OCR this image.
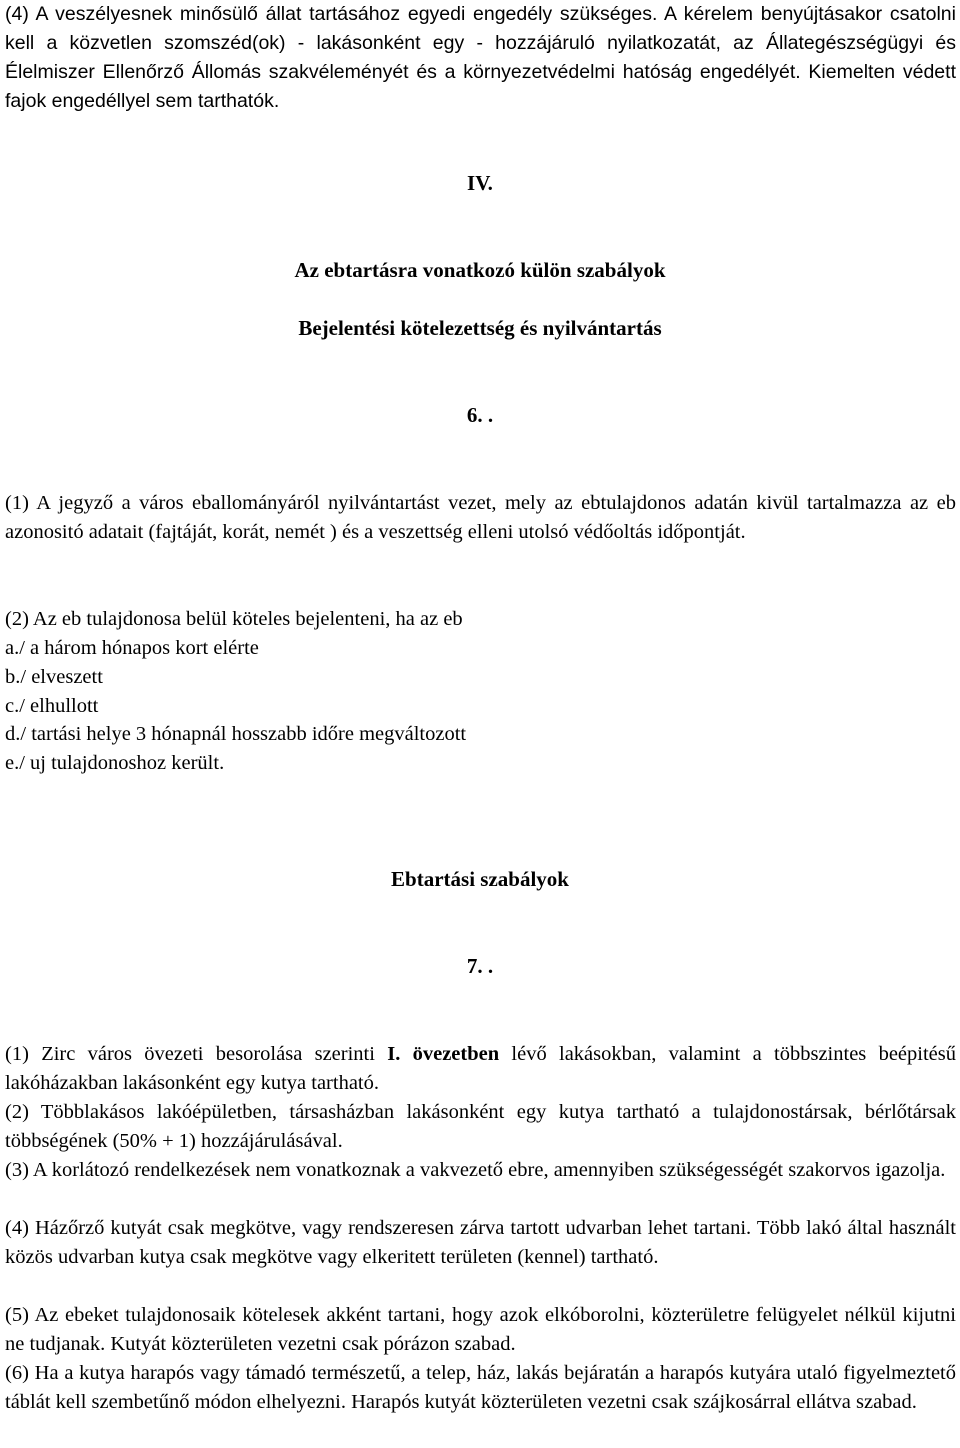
(4) A veszélyesnek minősülő állat tartásához egyedi engedély szükséges. A kérelem benyújtásakor csatolni kell a közvetlen szomszéd(ok) - lakásonként egy - hozzájáruló nyilatkozatát, az Állategészségügyi és Élelmiszer Ellenőrző Állomás szakvéleményét és a környezetvédelmi hatóság engedélyét. Kiemelten védett fajok engedéllyel sem tarthatók.

IV.

Az ebtartásra vonatkozó külön szabályok

Bejelentési kötelezettség és nyilvántartás

6. .

(1) A jegyző a város eballományáról nyilvántartást vezet, mely az ebtulajdonos adatán kivül tartalmazza az eb azonositó adatait (fajtáját, korát, nemét ) és a veszettség elleni utolsó védőoltás időpontját.

(2) Az eb tulajdonosa belül köteles bejelenteni, ha az eb

a./ a három hónapos kort elérte
b./ elveszett
c./ elhullott
d./ tartási helye 3 hónapnál hosszabb időre megváltozott
e./ uj tulajdonoshoz került.

Ebtartási szabályok

7. .

(1) Zirc város övezeti besorolása szerinti I. övezetben lévő lakásokban, valamint a többszintes beépitésű lakóházakban lakásonként egy kutya tartható.

(2) Többlakásos lakóépületben, társasházban lakásonként egy kutya tartható a tulajdonostársak, bérlőtársak többségének (50% + 1) hozzájárulásával.

(3) A korlátozó rendelkezések nem vonatkoznak a vakvezető ebre, amennyiben szükségességét szakorvos igazolja.

(4) Házőrző kutyát csak megkötve, vagy rendszeresen zárva tartott udvarban lehet tartani. Több lakó által használt közös udvarban kutya csak megkötve vagy elkeritett területen (kennel) tartható.

(5) Az ebeket tulajdonosaik kötelesek akként tartani, hogy azok elkóborolni, közterületre felügyelet nélkül kijutni ne tudjanak. Kutyát közterületen vezetni csak pórázon szabad.

(6) Ha a kutya harapós vagy támadó természetű, a telep, ház, lakás bejáratán a harapós kutyára utaló figyelmeztető táblát kell szembetűnő módon elhelyezni. Harapós kutyát közterületen vezetni csak szájkosárral ellátva szabad.
